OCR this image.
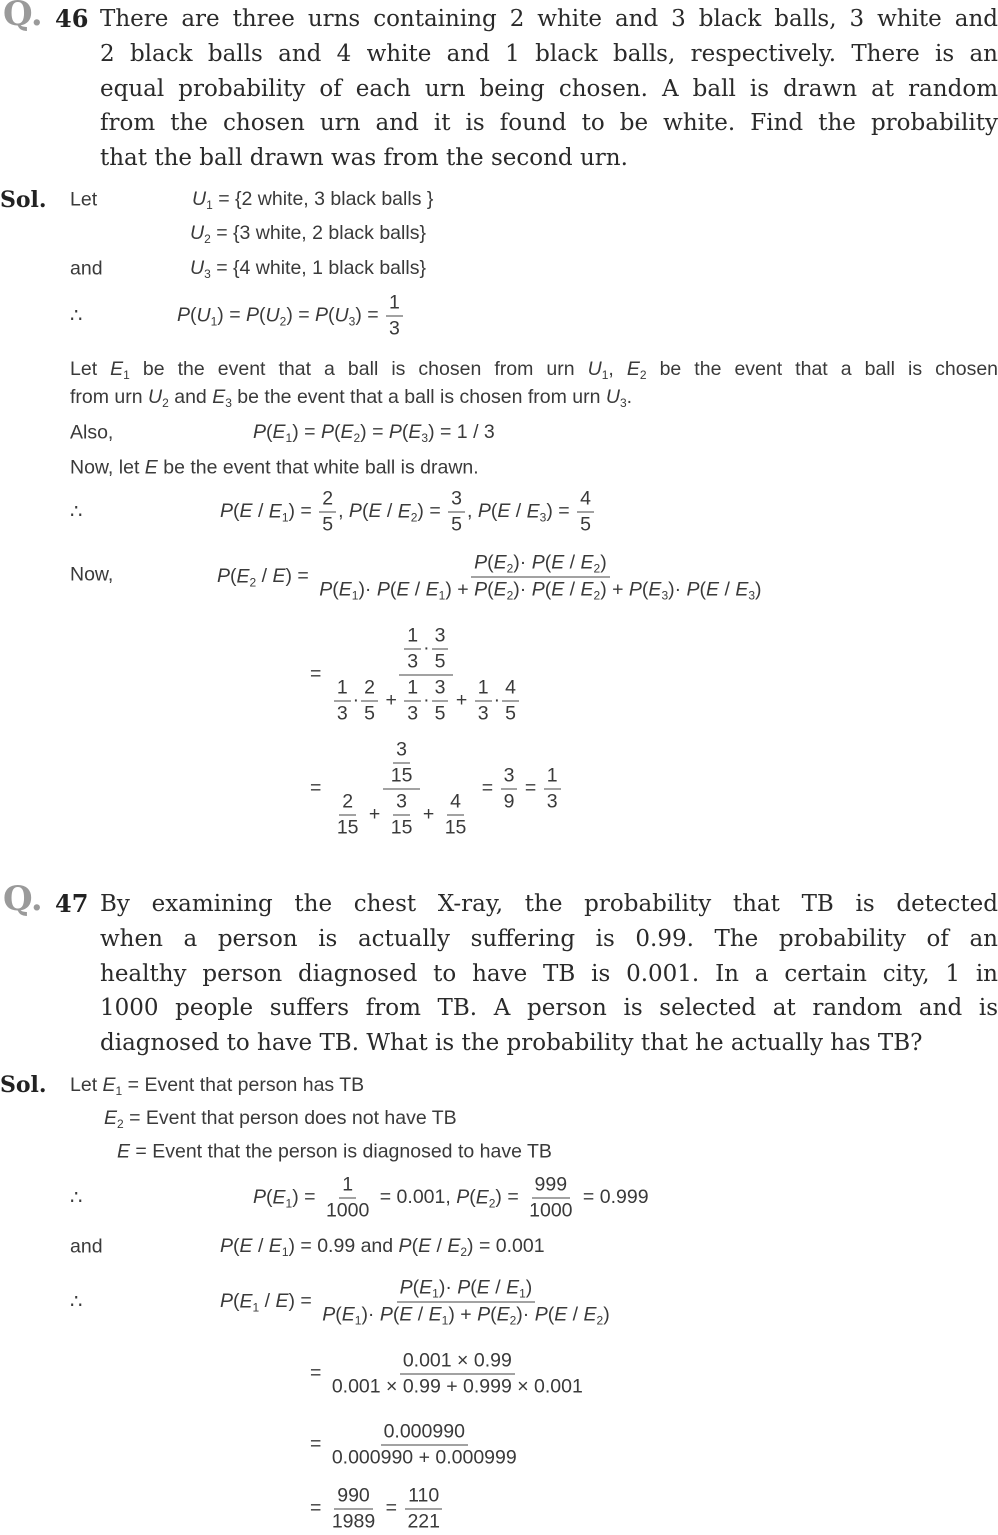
Q. 46 There are three urns containing 2 white and 3 black balls, 3 white and
2 black balls and 4 white and 1 black balls, respectively. There is an
equal probability of each urn being chosen. A ball is drawn at random
from the chosen urn and it is found to be white. Find the probability
that the ball drawn was from the second urn.
Sol. Let	$U_1 = \{2$ white, 3 black balls }
$U_2 = \{3$ white, 2 black balls}
and	$U_3 = \{4$ white, 1 black balls}
∴	$P(U_1) = P(U_2) = P(U_3) = \frac{1}{3}$
Let $E_1$ be the event that a ball is chosen from urn $U_1$, $E_2$ be the event that a ball is chosen
from urn $U_2$ and $E_3$ be the event that a ball is chosen from urn $U_3$.
Also,	$P(E_1) = P(E_2) = P(E_3) = 1 / 3$
Now, let E be the event that white ball is drawn.
∴	$P(E / E_1) = \frac{2}{5}$ , $P(E / E_2) = \frac{3}{5}$ , $P(E / E_3) = \frac{4}{5}$
Now,	$P(E_2 / E) = \frac{P(E_2)\cdot P(E / E_2)}{P(E_1)\cdot P(E / E_1) + P(E_2)\cdot P(E / E_2) + P(E_3)\cdot P(E / E_3)}$
= $\frac{\frac{1}{3} \cdot \frac{3}{5}}{\frac{1}{3} \cdot \frac{2}{5} + \frac{1}{3} \cdot \frac{3}{5} + \frac{1}{3} \cdot \frac{4}{5}}$
= $\frac{\frac{3}{15}}{\frac{2}{15} + \frac{3}{15} + \frac{4}{15}} = \frac{3}{9} = \frac{1}{3}$
Q. 47 By examining the chest X-ray, the probability that TB is detected
when a person is actually suffering is 0.99. The probability of an
healthy person diagnosed to have TB is 0.001. In a certain city, 1 in
1000 people suffers from TB. A person is selected at random and is
diagnosed to have TB. What is the probability that he actually has TB?
Sol. Let $E_1$ = Event that person has TB
$E_2$ = Event that person does not have TB
E = Event that the person is diagnosed to have TB
∴	$P(E_1) = \frac{1}{1000} = 0.001$, $P(E_2) = \frac{999}{1000} = 0.999$
and	$P(E / E_1) = 0.99$ and $P(E / E_2) = 0.001$
∴	$P(E_1 / E) = \frac{P(E_1)\cdot P(E / E_1)}{P(E_1)\cdot P(E / E_1) + P(E_2)\cdot P(E / E_2)}$
= $\frac{0.001 \times 0.99}{0.001 \times 0.99 + 0.999 \times 0.001}$
= $\frac{0.000990}{0.000990 + 0.000999}$
= $\frac{990}{1989} = \frac{110}{221}$
